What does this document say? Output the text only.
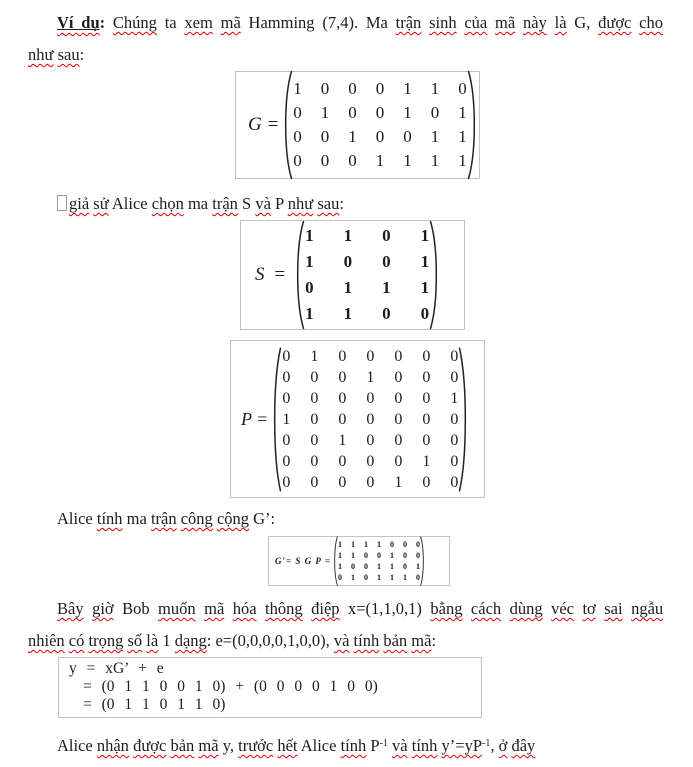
Ví dụ: Chúng ta xem mã Hamming (7,4). Ma trận sinh của mã này là G, được cho
như sau:
G =
1 0 0 0 1 1 0
0 1 0 0 1 0 1
0 0 1 0 0 1 1
0 0 0 1 1 1 1
giả sử Alice chọn ma trận S và P như sau:
S =
1 1 0 1
1 0 0 1
0 1 1 1
1 1 0 0
P =
0 1 0 0 0 0 0
0 0 0 1 0 0 0
0 0 0 0 0 0 1
1 0 0 0 0 0 0
0 0 1 0 0 0 0
0 0 0 0 0 1 0
0 0 0 0 1 0 0
Alice tính ma trận công cộng G’:
G′= S G P =
1 1 1 1 0 0 0
1 1 0 0 1 0 0
1 0 0 1 1 0 1
0 1 0 1 1 1 0
Bây giờ Bob muốn mã hóa thông điệp x=(1,1,0,1) bằng cách dùng véc tơ sai ngẫu
nhiên có trọng số là 1 dạng: e=(0,0,0,0,1,0,0), và tính bản mã:
y = xG’ + e
= (0 1 1 0 0 1 0) + (0 0 0 0 1 0 0)
= (0 1 1 0 1 1 0)
Alice nhận được bản mã y, trước hết Alice tính $P^{-1}$ và tính $y’=yP^{-1}$, ở đây
